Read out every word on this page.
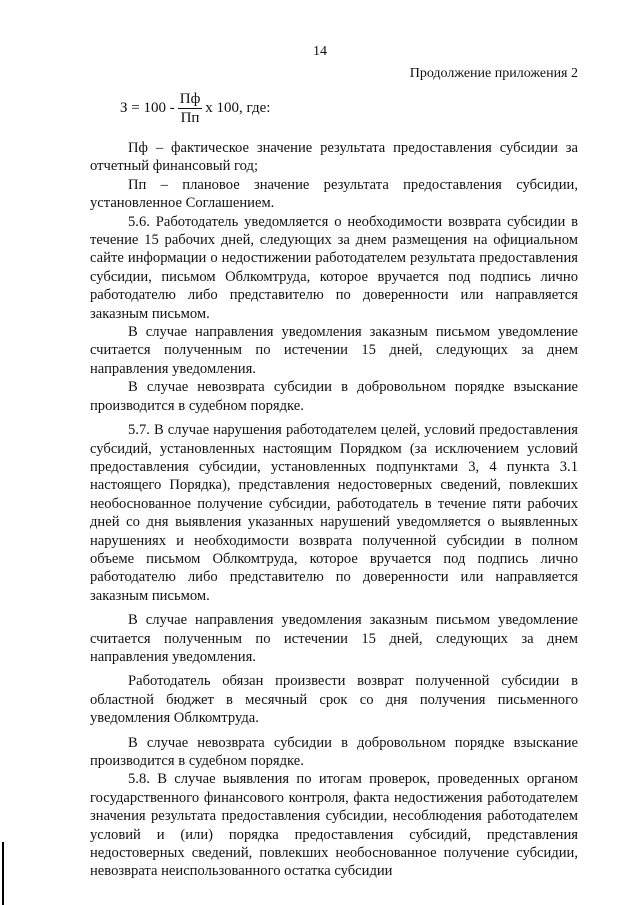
14
Продолжение приложения 2
$З = 100 - \frac{Пф}{Пп}$ х 100, где:

Пф – фактическое значение результата предоставления субсидии за отчетный финансовый год;

Пп – плановое значение результата предоставления субсидии, установленное Соглашением.

5.6. Работодатель уведомляется о необходимости возврата субсидии в течение 15 рабочих дней, следующих за днем размещения на официальном сайте информации о недостижении работодателем результата предоставления субсидии, письмом Облкомтруда, которое вручается под подпись лично работодателю либо представителю по доверенности или направляется заказным письмом.

В случае направления уведомления заказным письмом уведомление считается полученным по истечении 15 дней, следующих за днем направления уведомления.

В случае невозврата субсидии в добровольном порядке взыскание производится в судебном порядке.

5.7. В случае нарушения работодателем целей, условий предоставления субсидий, установленных настоящим Порядком (за исключением условий предоставления субсидии, установленных подпунктами 3, 4 пункта 3.1 настоящего Порядка), представления недостоверных сведений, повлекших необоснованное получение субсидии, работодатель в течение пяти рабочих дней со дня выявления указанных нарушений уведомляется о выявленных нарушениях и необходимости возврата полученной субсидии в полном объеме письмом Облкомтруда, которое вручается под подпись лично работодателю либо представителю по доверенности или направляется заказным письмом.

В случае направления уведомления заказным письмом уведомление считается полученным по истечении 15 дней, следующих за днем направления уведомления.

Работодатель обязан произвести возврат полученной субсидии в областной бюджет в месячный срок со дня получения письменного уведомления Облкомтруда.

В случае невозврата субсидии в добровольном порядке взыскание производится в судебном порядке.

5.8. В случае выявления по итогам проверок, проведенных органом государственного финансового контроля, факта недостижения работодателем значения результата предоставления субсидии, несоблюдения работодателем условий и (или) порядка предоставления субсидий, представления недостоверных сведений, повлекших необоснованное получение субсидии, невозврата неиспользованного остатка субсидии
